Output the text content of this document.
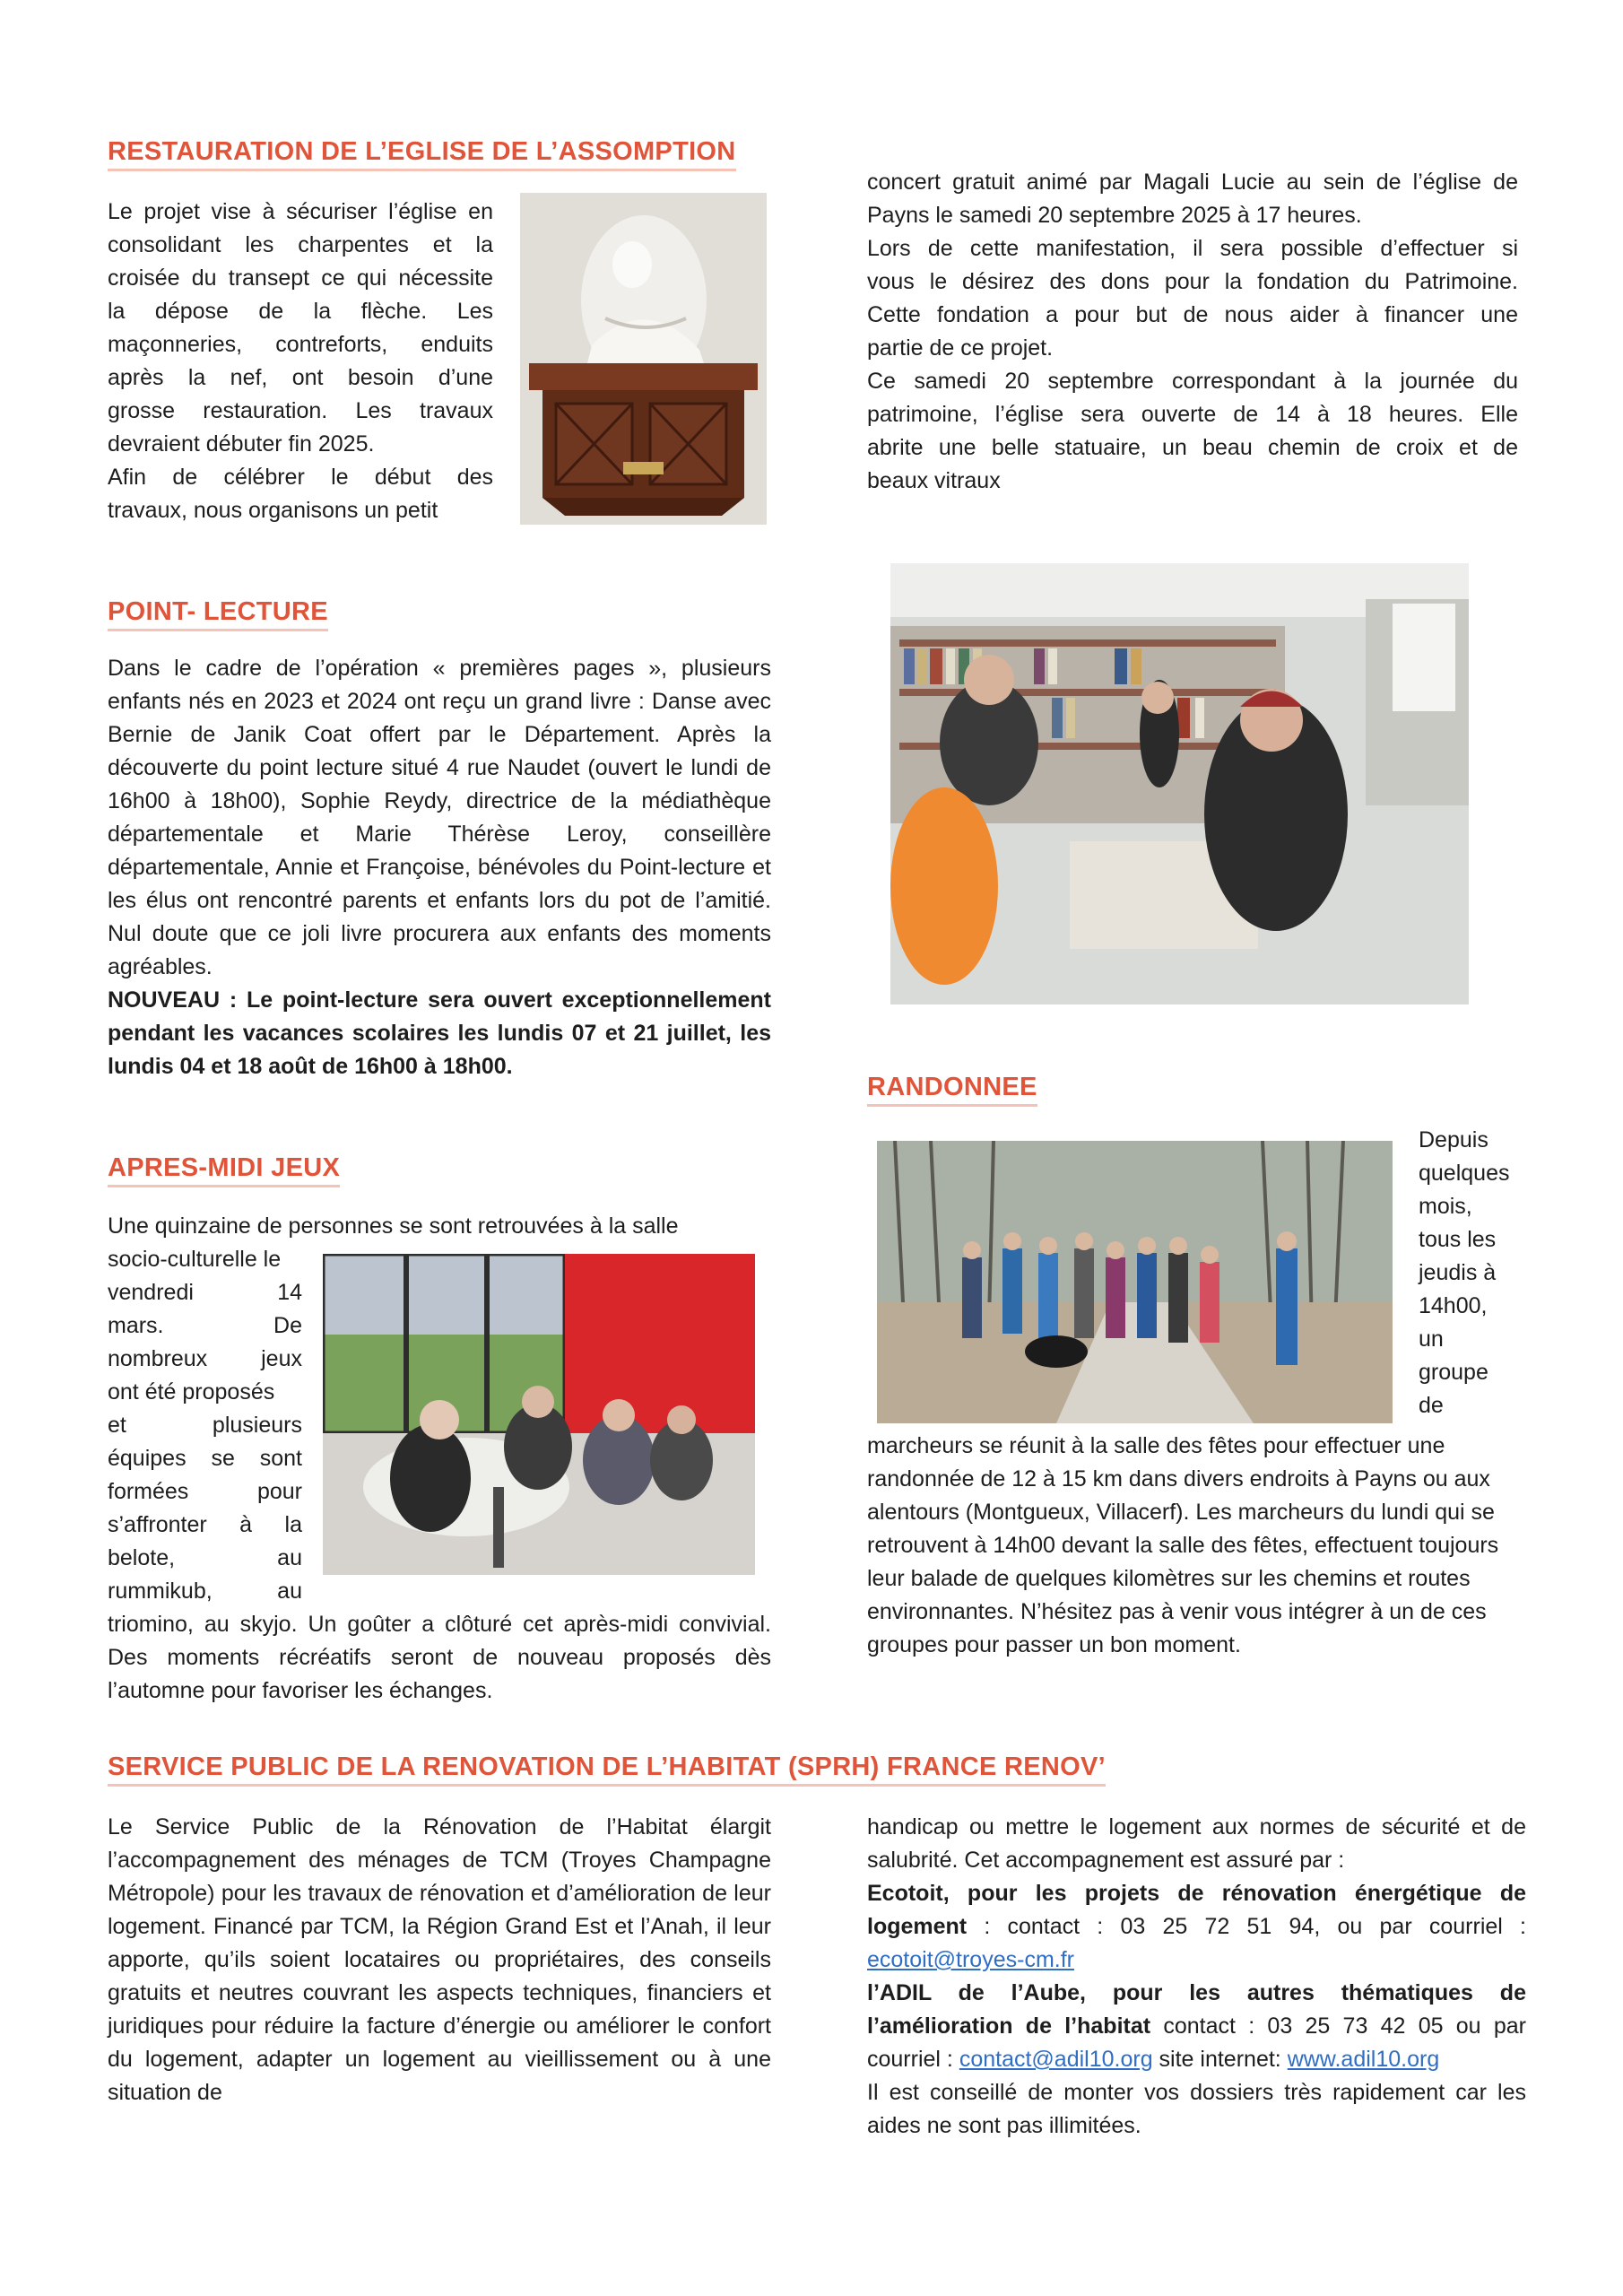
RESTAURATION DE L’EGLISE DE L’ASSOMPTION
Le projet vise à sécuriser l’église en
consolidant les charpentes et la
croisée du transept ce qui nécessite
la dépose de la flèche. Les
maçonneries, contreforts, enduits
après la nef, ont besoin d’une
grosse restauration. Les travaux
devraient débuter fin 2025.
Afin de célébrer le début des
travaux, nous organisons un petit
concert gratuit animé par Magali Lucie au sein de l’église de
Payns le samedi 20 septembre 2025 à 17 heures.
Lors de cette manifestation, il sera possible d’effectuer si
vous le désirez des dons pour la fondation du Patrimoine.
Cette fondation a pour but de nous aider à financer une
partie de ce projet.
Ce samedi 20 septembre correspondant à la journée du
patrimoine, l’église sera ouverte de 14 à 18 heures. Elle
abrite une belle statuaire, un beau chemin de croix et de
beaux vitraux
POINT- LECTURE
Dans le cadre de l’opération « premières pages », plusieurs enfants nés en 2023 et 2024 ont reçu un grand livre : Danse avec Bernie de Janik Coat offert par le Département. Après la découverte du point lecture situé 4 rue Naudet (ouvert le lundi de 16h00 à 18h00), Sophie Reydy, directrice de la médiathèque départementale et Marie Thérèse Leroy, conseillère départementale, Annie et Françoise, bénévoles du Point-lecture et les élus ont rencontré parents et enfants lors du pot de l’amitié. Nul doute que ce joli livre procurera aux enfants des moments agréables.
NOUVEAU : Le point-lecture sera ouvert exceptionnellement pendant les vacances scolaires les lundis 07 et 21 juillet, les lundis 04 et 18 août de 16h00 à 18h00.
APRES-MIDI JEUX
Une quinzaine de personnes se sont retrouvées à la salle
socio-culturelle le
vendredi 14
mars. De
nombreux jeux
ont été proposés
et plusieurs
équipes se sont
formées pour
s’affronter à la
belote, au
rummikub, au
triomino, au skyjo. Un goûter a clôturé cet après-midi convivial. Des moments récréatifs seront de nouveau proposés dès l’automne pour favoriser les échanges.
RANDONNEE
Depuis
quelques
mois,
tous les
jeudis à
14h00,
un
groupe
de
marcheurs se réunit à la salle des fêtes pour effectuer une randonnée de 12 à 15 km dans divers endroits à Payns ou aux alentours (Montgueux, Villacerf). Les marcheurs du lundi qui se retrouvent à 14h00 devant la salle des fêtes, effectuent toujours leur balade de quelques kilomètres sur les chemins et routes environnantes. N’hésitez pas à venir vous intégrer à un de ces groupes pour passer un bon moment.
SERVICE PUBLIC DE LA RENOVATION DE L’HABITAT (SPRH) FRANCE RENOV’
Le Service Public de la Rénovation de l’Habitat élargit l’accompagnement des ménages de TCM (Troyes Champagne Métropole) pour les travaux de rénovation et d’amélioration de leur logement. Financé par TCM, la Région Grand Est et l’Anah, il leur apporte, qu’ils soient locataires ou propriétaires, des conseils gratuits et neutres couvrant les aspects techniques, financiers et juridiques pour réduire la facture d’énergie ou améliorer le confort du logement, adapter un logement au vieillissement ou à une situation de
handicap ou mettre le logement aux normes de sécurité et de salubrité. Cet accompagnement est assuré par :
Ecotoit, pour les projets de rénovation énergétique de logement : contact : 03 25 72 51 94, ou par courriel : ecotoit@troyes-cm.fr
l’ADIL de l’Aube, pour les autres thématiques de l’amélioration de l’habitat contact : 03 25 73 42 05 ou par courriel : contact@adil10.org site internet: www.adil10.org
Il est conseillé de monter vos dossiers très rapidement car les aides ne sont pas illimitées.
